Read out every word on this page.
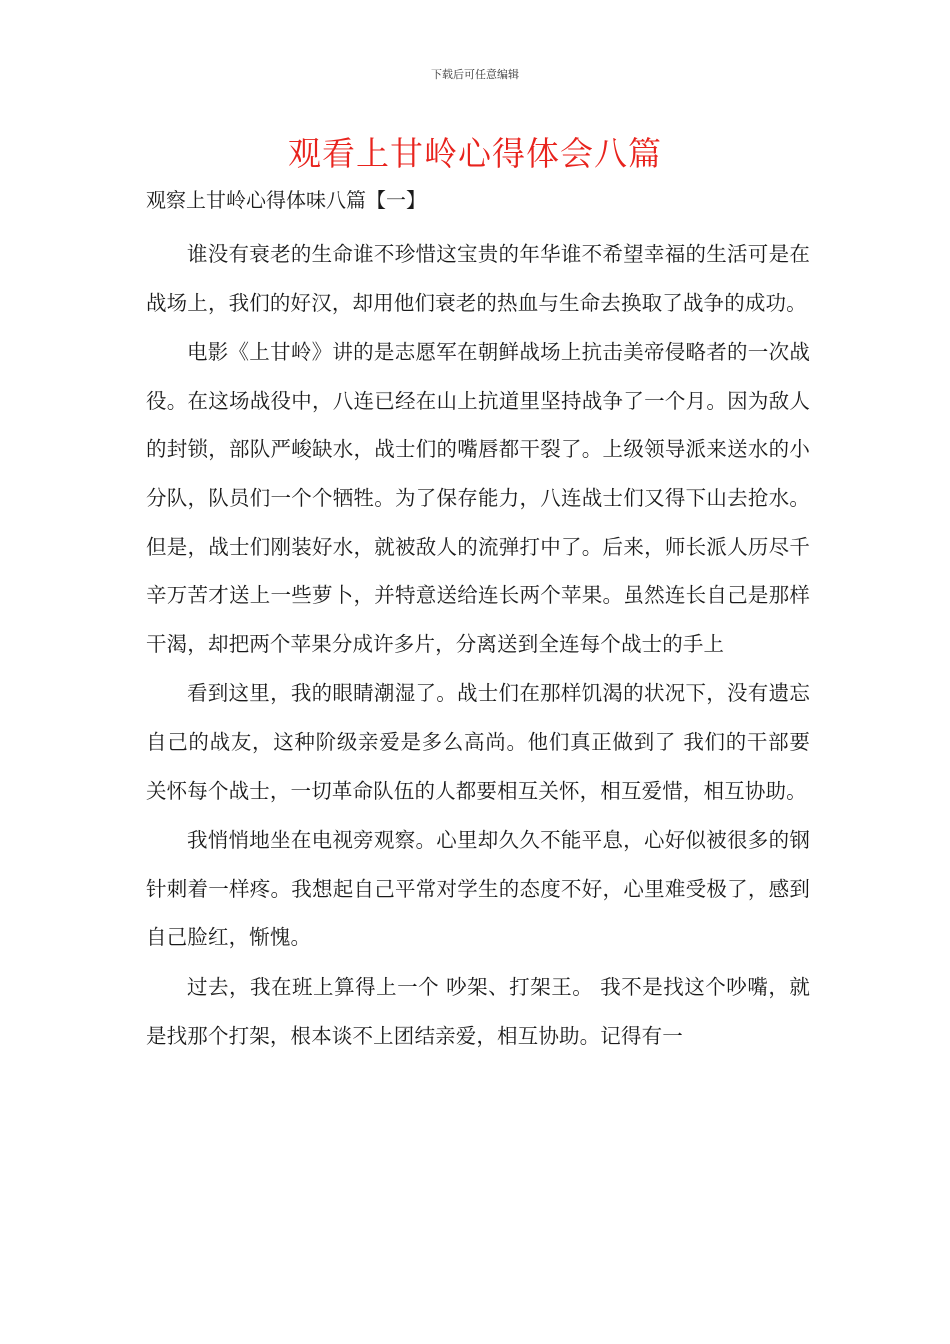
下载后可任意编辑
观看上甘岭心得体会八篇
观察上甘岭心得体味八篇【一】

谁没有衰老的生命谁不珍惜这宝贵的年华谁不希望幸福的生活可是在战场上，我们的好汉，却用他们衰老的热血与生命去换取了战争的成功。

电影《上甘岭》讲的是志愿军在朝鲜战场上抗击美帝侵略者的一次战役。在这场战役中，八连已经在山上抗道里坚持战争了一个月。因为敌人的封锁，部队严峻缺水，战士们的嘴唇都干裂了。上级领导派来送水的小分队，队员们一个个牺牲。为了保存能力，八连战士们又得下山去抢水。但是，战士们刚装好水，就被敌人的流弹打中了。后来，师长派人历尽千辛万苦才送上一些萝卜，并特意送给连长两个苹果。虽然连长自己是那样干渴，却把两个苹果分成许多片，分离送到全连每个战士的手上

看到这里，我的眼睛潮湿了。战士们在那样饥渴的状况下，没有遗忘自己的战友，这种阶级亲爱是多么高尚。他们真正做到了 我们的干部要关怀每个战士，一切革命队伍的人都要相互关怀，相互爱惜，相互协助。

我悄悄地坐在电视旁观察。心里却久久不能平息，心好似被很多的钢针刺着一样疼。我想起自己平常对学生的态度不好，心里难受极了，感到自己脸红，惭愧。

过去，我在班上算得上一个 吵架、打架王。 我不是找这个吵嘴，就是找那个打架，根本谈不上团结亲爱，相互协助。记得有一
